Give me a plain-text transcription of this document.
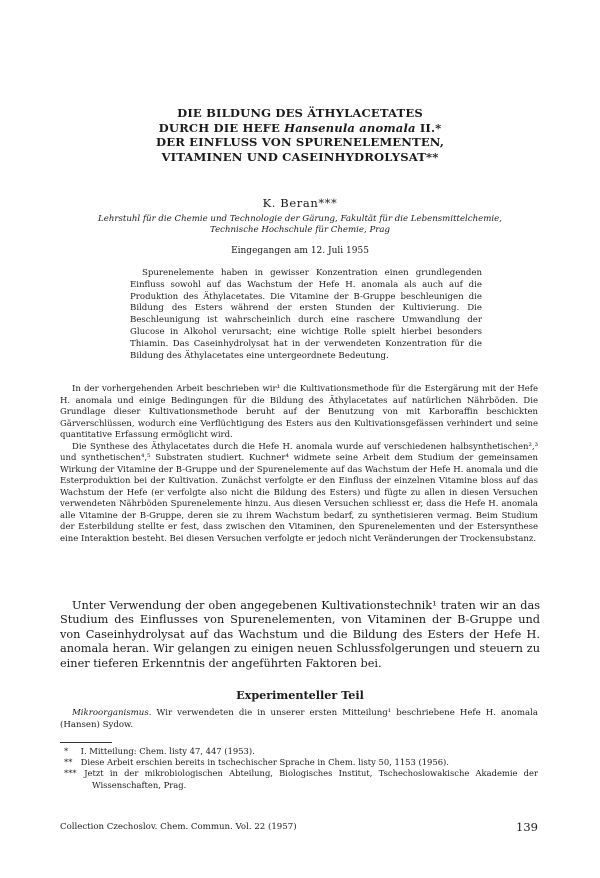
DIE BILDUNG DES ÄTHYLACETATES
DURCH DIE HEFE Hansenula anomala II.*
DER EINFLUSS VON SPURENELEMENTEN,
VITAMINEN UND CASEINHYDROLYSAT**
K. Beran***
Lehrstuhl für die Chemie und Technologie der Gärung, Fakultät für die Lebensmittelchemie,
Technische Hochschule für Chemie, Prag
Eingegangen am 12. Juli 1955

Spurenelemente haben in gewisser Konzentration einen grundlegenden Einfluss sowohl auf das Wachstum der Hefe H. anomala als auch auf die Produktion des Äthylacetates. Die Vitamine der B-Gruppe beschleunigen die Bildung des Esters während der ersten Stunden der Kultivierung. Die Beschleunigung ist wahrscheinlich durch eine raschere Umwandlung der Glucose in Alkohol verursacht; eine wichtige Rolle spielt hierbei besonders Thiamin. Das Caseinhydrolysat hat in der verwendeten Konzentration für die Bildung des Äthylacetates eine untergeordnete Bedeutung.

In der vorhergehenden Arbeit beschrieben wir¹ die Kultivationsmethode für die Estergärung mit der Hefe H. anomala und einige Bedingungen für die Bildung des Äthylacetates auf natürlichen Nährböden. Die Grundlage dieser Kultivationsmethode beruht auf der Benutzung von mit Karboraffin beschickten Gärverschlüssen, wodurch eine Verflüchtigung des Esters aus den Kultivationsgefässen verhindert und seine quantitative Erfassung ermöglicht wird.

Die Synthese des Äthylacetates durch die Hefe H. anomala wurde auf verschiedenen halbsynthetischen²,³ und synthetischen⁴,⁵ Substraten studiert. Kuchner⁴ widmete seine Arbeit dem Studium der gemeinsamen Wirkung der Vitamine der B-Gruppe und der Spurenelemente auf das Wachstum der Hefe H. anomala und die Esterproduktion bei der Kultivation. Zunächst verfolgte er den Einfluss der einzelnen Vitamine bloss auf das Wachstum der Hefe (er verfolgte also nicht die Bildung des Esters) und fügte zu allen in diesen Versuchen verwendeten Nährböden Spurenelemente hinzu. Aus diesen Versuchen schliesst er, dass die Hefe H. anomala alle Vitamine der B-Gruppe, deren sie zu ihrem Wachstum bedarf, zu synthetisieren vermag. Beim Studium der Esterbildung stellte er fest, dass zwischen den Vitaminen, den Spurenelementen und der Estersynthese eine Interaktion besteht. Bei diesen Versuchen verfolgte er jedoch nicht Veränderungen der Trockensubstanz.

Unter Verwendung der oben angegebenen Kultivationstechnik¹ traten wir an das Studium des Einflusses von Spurenelementen, von Vitaminen der B-Gruppe und von Caseinhydrolysat auf das Wachstum und die Bildung des Esters der Hefe H. anomala heran. Wir gelangen zu einigen neuen Schlussfolgerungen und steuern zu einer tieferen Erkenntnis der angeführten Faktoren bei.

Experimenteller Teil

Mikroorganismus. Wir verwendeten die in unserer ersten Mitteilung¹ beschriebene Hefe H. anomala (Hansen) Sydow.

* I. Mitteilung: Chem. listy 47, 447 (1953).
** Diese Arbeit erschien bereits in tschechischer Sprache in Chem. listy 50, 1153 (1956).
*** Jetzt in der mikrobiologischen Abteilung, Biologisches Institut, Tschechoslowakische Akademie der Wissenschaften, Prag.
Collection Czechoslov. Chem. Commun. Vol. 22 (1957)	139
